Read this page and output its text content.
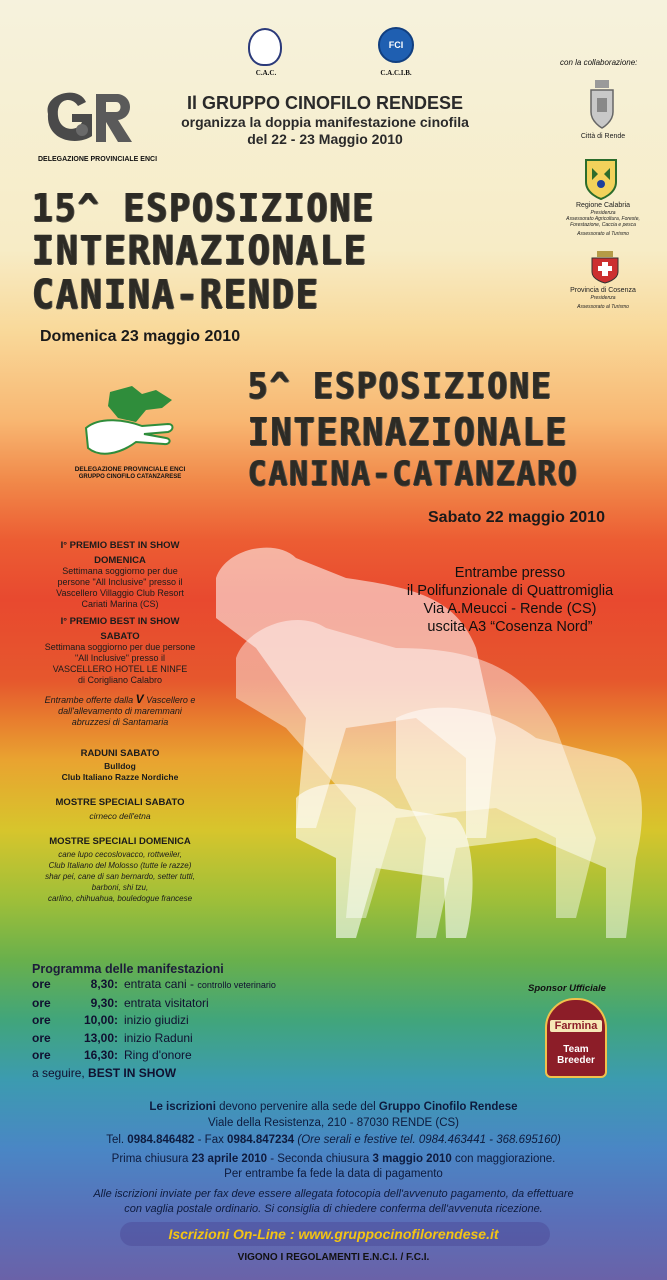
C.A.C.
FCI
C.A.C.I.B.
con la collaborazione:
DELEGAZIONE PROVINCIALE ENCI
Il GRUPPO CINOFILO RENDESE
organizza la doppia manifestazione cinofila
del 22 - 23 Maggio 2010	Città di Rende
Regione Calabria
Presidenza
Assessorato Agricoltura, Foreste,
Forestazione, Caccia e pesca
Assessorato al Turismo
Provincia di Cosenza
Presidenza
Assessorato al Turismo
15^ ESPOSIZIONE
INTERNAZIONALE
CANINA-RENDE
Domenica 23 maggio 2010
5^ ESPOSIZIONE
INTERNAZIONALE
CANINA-CATANZARO
Sabato 22 maggio 2010
DELEGAZIONE PROVINCIALE ENCI
GRUPPO CINOFILO CATANZARESE
I° PREMIO BEST IN SHOW
DOMENICA
Settimana soggiorno per due
persone "All Inclusive" presso il
Vascellero Villaggio Club Resort
Cariati Marina (CS)
I° PREMIO BEST IN SHOW
SABATO
Settimana soggiorno per due persone
"All Inclusive" presso il
VASCELLERO HOTEL LE NINFE
di Corigliano Calabro
Entrambe offerte dalla V Vascellero e
dall'allevamento di maremmani
abruzzesi di Santamaria
RADUNI SABATO
Bulldog
Club Italiano Razze Nordiche
MOSTRE SPECIALI SABATO
cirneco dell'etna
MOSTRE SPECIALI DOMENICA
cane lupo cecoslovacco, rottweiler,
Club Italiano del Molosso (tutte le razze)
shar pei, cane di san bernardo, setter tutti,
barboni, shi tzu,
carlino, chihuahua, bouledogue francese
Entrambe presso
il Polifunzionale di Quattromiglia
Via A.Meucci - Rende (CS)
uscita A3 “Cosenza Nord”
Programma delle manifestazioni
ore	8,30: entrata cani - controllo veterinario
ore	9,30: entrata visitatori
ore	10,00: inizio giudizi
ore	13,00: inizio Raduni
ore	16,30: Ring d'onore
a seguire, BEST IN SHOW
Sponsor Ufficiale
Farmina
Team
Breeder
Le iscrizioni devono pervenire alla sede del Gruppo Cinofilo Rendese
Viale della Resistenza, 210 - 87030 RENDE (CS)
Tel. 0984.846482 - Fax 0984.847234 (Ore serali e festive tel. 0984.463441 - 368.695160)
Prima chiusura 23 aprile 2010 - Seconda chiusura 3 maggio 2010 con maggiorazione.
Per entrambe fa fede la data di pagamento
Alle iscrizioni inviate per fax deve essere allegata fotocopia dell'avvenuto pagamento, da effettuare
con vaglia postale ordinario. Si consiglia di chiedere conferma dell'avvenuta ricezione.
Iscrizioni On-Line : www.gruppocinofilorendese.it
VIGONO I REGOLAMENTI E.N.C.I. / F.C.I.
